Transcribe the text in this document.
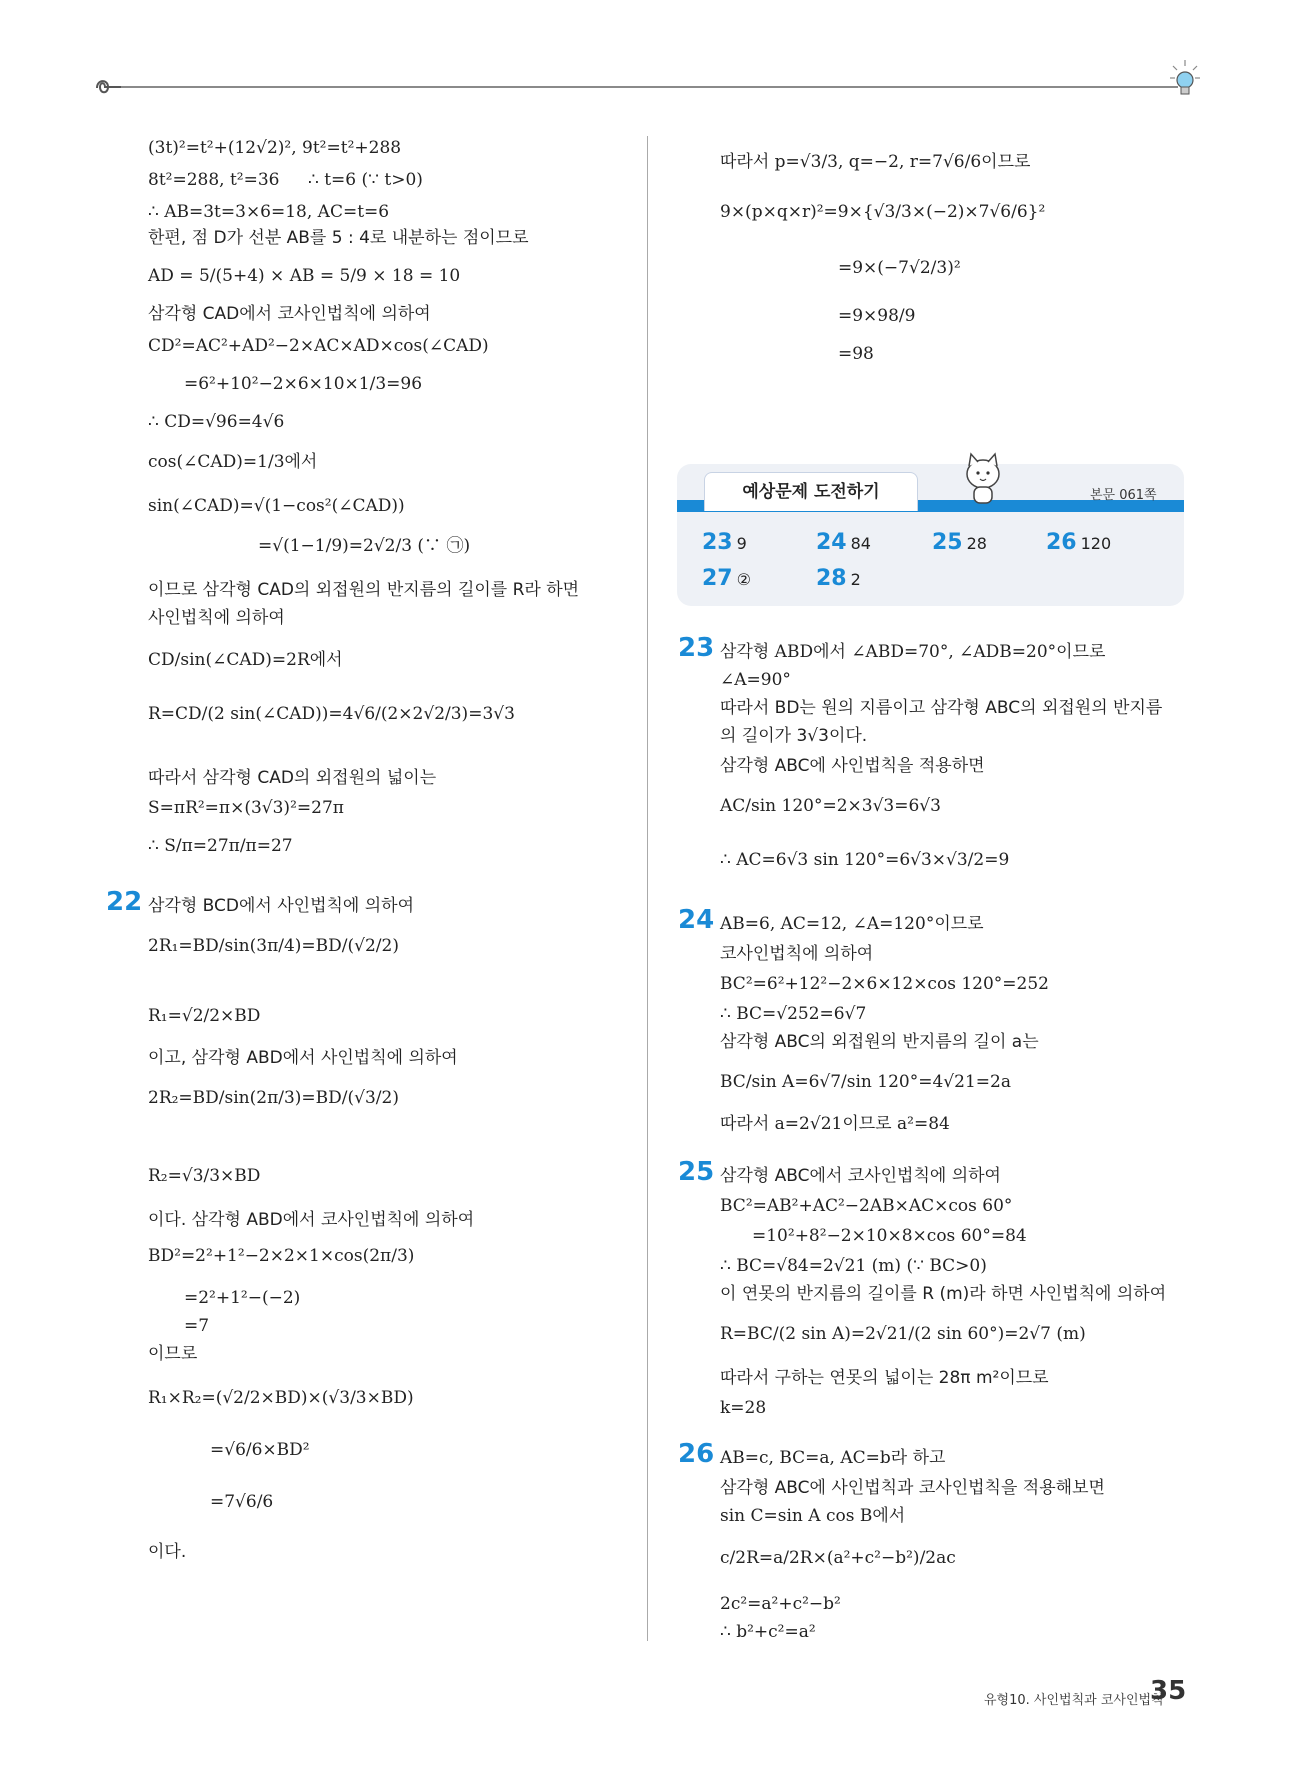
(3t)²=t²+(12√2)², 9t²=t²+288
8t²=288, t²=36 ∴ t=6 (∵ t>0)
∴ AB=3t=3×6=18, AC=t=6
한편, 점 D가 선분 AB를 5 : 4로 내분하는 점이므로
AD = 5/(5+4) × AB = 5/9 × 18 = 10
삼각형 CAD에서 코사인법칙에 의하여
CD²=AC²+AD²−2×AC×AD×cos(∠CAD)
=6²+10²−2×6×10×1/3=96
∴ CD=√96=4√6
cos(∠CAD)=1/3에서
sin(∠CAD)=√(1−cos²(∠CAD))
=√(1−1/9)=2√2/3 (∵ ㉠)
이므로 삼각형 CAD의 외접원의 반지름의 길이를 R라 하면
사인법칙에 의하여
CD/sin(∠CAD)=2R에서
R=CD/(2 sin(∠CAD))=4√6/(2×2√2/3)=3√3
따라서 삼각형 CAD의 외접원의 넓이는
S=πR²=π×(3√3)²=27π
∴ S/π=27π/π=27
22 삼각형 BCD에서 사인법칙에 의하여
2R₁=BD/sin(3π/4)=BD/(√2/2)
R₁=√2/2×BD
이고, 삼각형 ABD에서 사인법칙에 의하여
2R₂=BD/sin(2π/3)=BD/(√3/2)
R₂=√3/3×BD
이다. 삼각형 ABD에서 코사인법칙에 의하여
BD²=2²+1²−2×2×1×cos(2π/3)
=2²+1²−(−2)
=7
이므로
R₁×R₂=(√2/2×BD)×(√3/3×BD)
=√6/6×BD²
=7√6/6
이다.
따라서 p=√3/3, q=−2, r=7√6/6이므로
9×(p×q×r)²=9×{√3/3×(−2)×7√6/6}²
=9×(−7√2/3)²
=9×98/9
=98
예상문제 도전하기	본문 061쪽
23 9	24 84	25 28	26 120
27 ②	28 2
23 삼각형 ABD에서 ∠ABD=70°, ∠ADB=20°이므로
∠A=90°
따라서 BD는 원의 지름이고 삼각형 ABC의 외접원의 반지름
의 길이가 3√3이다.
삼각형 ABC에 사인법칙을 적용하면
AC/sin 120°=2×3√3=6√3
∴ AC=6√3 sin 120°=6√3×√3/2=9
24 AB=6, AC=12, ∠A=120°이므로
코사인법칙에 의하여
BC²=6²+12²−2×6×12×cos 120°=252
∴ BC=√252=6√7
삼각형 ABC의 외접원의 반지름의 길이 a는
BC/sin A=6√7/sin 120°=4√21=2a
따라서 a=2√21이므로 a²=84
25 삼각형 ABC에서 코사인법칙에 의하여
BC²=AB²+AC²−2AB×AC×cos 60°
=10²+8²−2×10×8×cos 60°=84
∴ BC=√84=2√21 (m) (∵ BC>0)
이 연못의 반지름의 길이를 R (m)라 하면 사인법칙에 의하여
R=BC/(2 sin A)=2√21/(2 sin 60°)=2√7 (m)
따라서 구하는 연못의 넓이는 28π m²이므로
k=28
26 AB=c, BC=a, AC=b라 하고
삼각형 ABC에 사인법칙과 코사인법칙을 적용해보면
sin C=sin A cos B에서
c/2R=a/2R×(a²+c²−b²)/2ac
2c²=a²+c²−b²
∴ b²+c²=a²
유형10. 사인법칙과 코사인법칙
35
